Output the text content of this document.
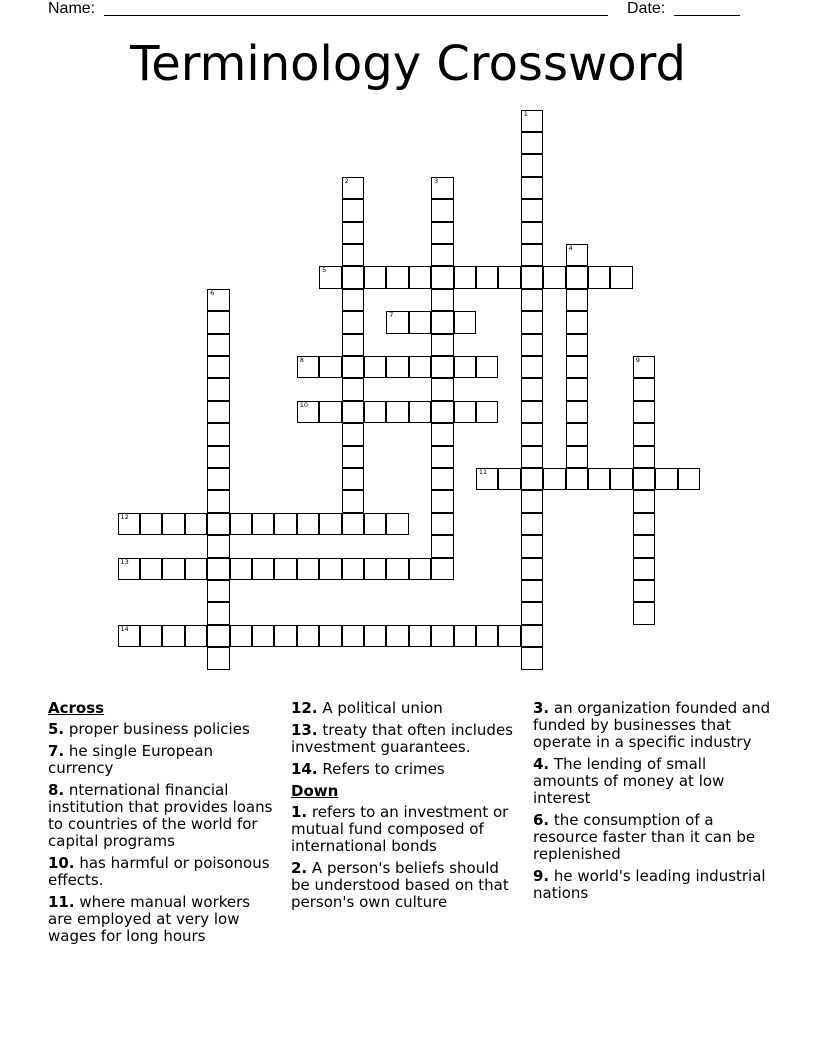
Name:	Date:
Terminology Crossword
1
2	3
4
5
6
7
8	9
10
11
12
13
14
Across
5. proper business policies
7. he single European currency
8. nternational financial institution that provides loans to countries of the world for capital programs
10. has harmful or poisonous effects.
11. where manual workers are employed at very low wages for long hours
12. A political union
13. treaty that often includes investment guarantees.
14. Refers to crimes
Down
1. refers to an investment or mutual fund composed of international bonds
2. A person's beliefs should be understood based on that person's own culture
3. an organization founded and funded by businesses that operate in a specific industry
4. The lending of small amounts of money at low interest
6. the consumption of a resource faster than it can be replenished
9. he world's leading industrial nations
